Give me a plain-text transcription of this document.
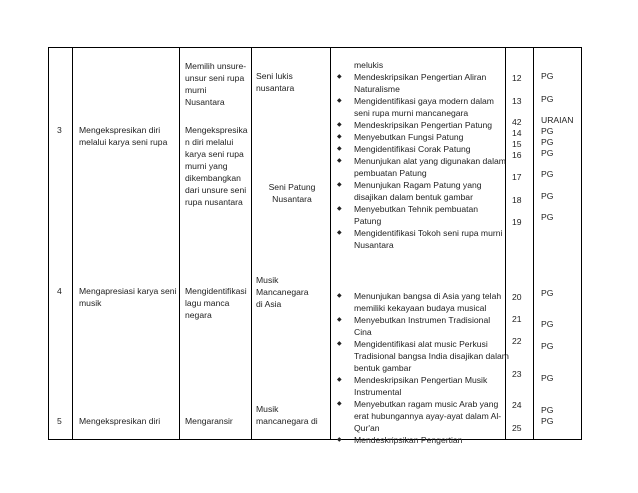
3 Mengekspresikan diri
melalui karya seni rupa
Memilih unsure-
unsur seni rupa
murni
Nusantara
Mengekspresika
n diri melalui
karya seni rupa
murni yang
dikembangkan
dari unsure seni
rupa nusantara
Seni lukis
nusantara
Seni Patung
Nusantara
melukis
◆ Mendeskripsikan Pengertian Aliran
Naturalisme
◆ Mengidentifikasi gaya modern dalam
seni rupa murni mancanegara
◆ Mendeskripsikan Pengertian Patung
◆ Menyebutkan Fungsi Patung
◆ Mengidentifikasi Corak Patung
◆ Menunjukan alat yang digunakan dalam
pembuatan Patung
◆ Menunjukan Ragam Patung yang
disajikan dalam bentuk gambar
◆ Menyebutkan Tehnik pembuatan
Patung
◆ Mengidentifikasi Tokoh seni rupa murni
Nusantara
12
13
42
14
15
16
17
18
19
PG
PG
URAIAN
PG
PG
PG
PG
PG
PG
4 Mengapresiasi karya seni
musik
Mengidentifikasi
lagu manca
negara
Musik
Mancanegara
di Asia
◆ Menunjukan bangsa di Asia yang telah
memiliki kekayaan budaya musical
◆ Menyebutkan Instrumen Tradisional
Cina
◆ Mengidentifikasi alat music Perkusi
Tradisional bangsa India disajikan dalam
bentuk gambar
◆ Mendeskripsikan Pengertian Musik
Instrumental
◆ Menyebutkan ragam music Arab yang
erat hubungannya ayay-ayat dalam Al-
Qur'an
◆ Mendeskripsikan Pengertian
20
21
22
23
24
25
PG
PG
PG
PG
PG
PG
5 Mengekspresikan diri	Mengaransir
Musik
mancanegara di
